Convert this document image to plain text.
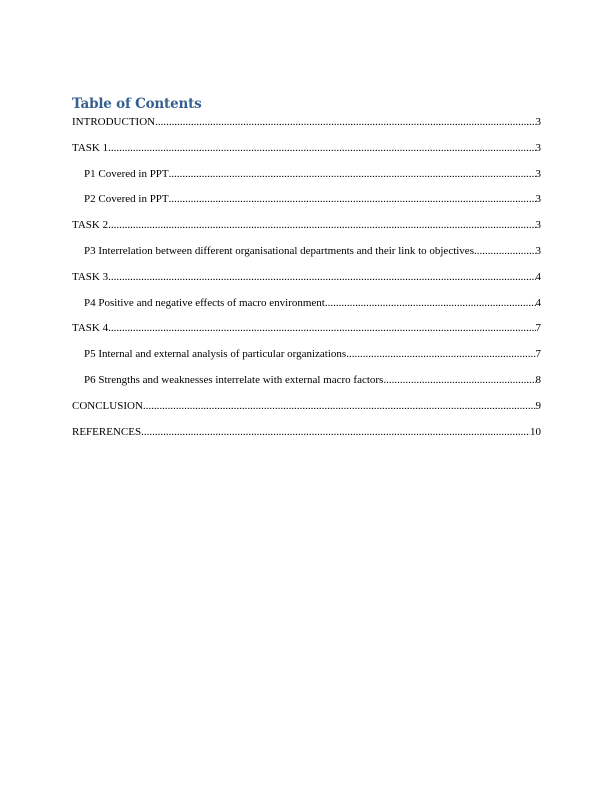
Table of Contents
INTRODUCTION .....	3
TASK 1 .....	3
P1 Covered in PPT .....	3
P2 Covered in PPT .....	3
TASK 2 .....	3
P3 Interrelation between different organisational departments and their link to objectives .....	3
TASK 3 .....	4
P4 Positive and negative effects of macro environment .....	4
TASK 4 .....	7
P5 Internal and external analysis of particular organizations .....	7
P6 Strengths and weaknesses interrelate with external macro factors .....	8
CONCLUSION .....	9
REFERENCES .....	10
